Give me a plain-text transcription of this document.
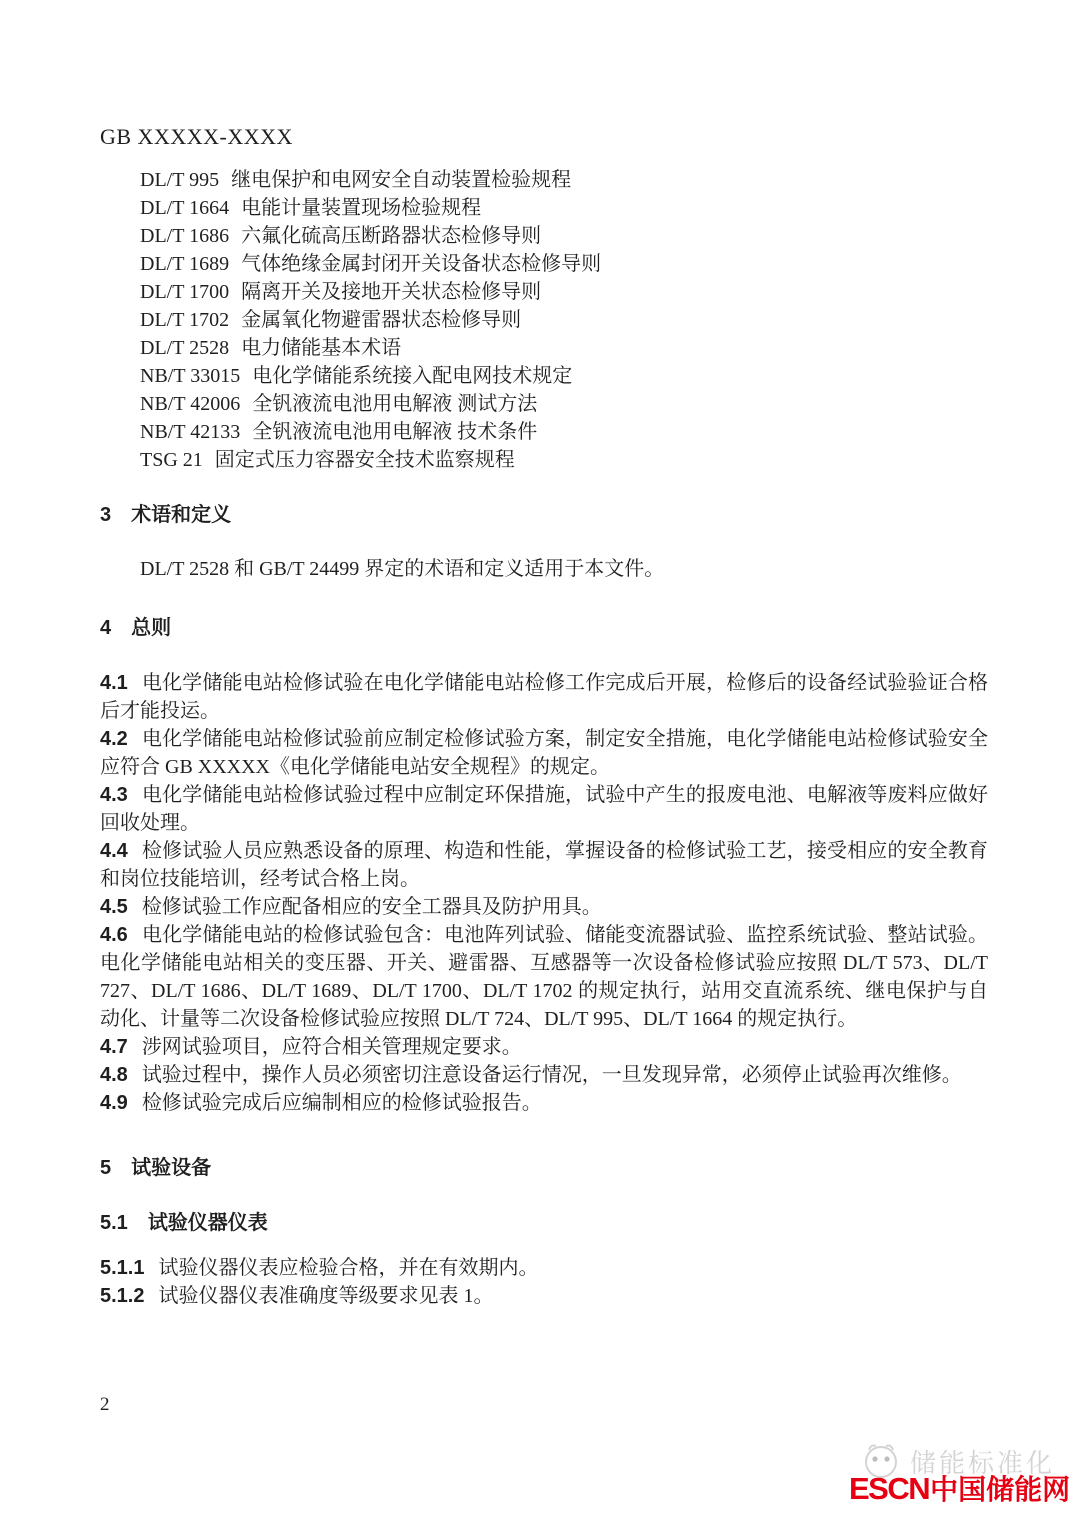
GB XXXXX-XXXX
DL/T 995 继电保护和电网安全自动装置检验规程
DL/T 1664 电能计量装置现场检验规程
DL/T 1686 六氟化硫高压断路器状态检修导则
DL/T 1689 气体绝缘金属封闭开关设备状态检修导则
DL/T 1700 隔离开关及接地开关状态检修导则
DL/T 1702 金属氧化物避雷器状态检修导则
DL/T 2528 电力储能基本术语
NB/T 33015 电化学储能系统接入配电网技术规定
NB/T 42006 全钒液流电池用电解液 测试方法
NB/T 42133 全钒液流电池用电解液 技术条件
TSG 21 固定式压力容器安全技术监察规程
3 术语和定义

DL/T 2528 和 GB/T 24499 界定的术语和定义适用于本文件。

4 总则

4.1 电化学储能电站检修试验在电化学储能电站检修工作完成后开展，检修后的设备经试验验证合格后才能投运。

4.2 电化学储能电站检修试验前应制定检修试验方案，制定安全措施，电化学储能电站检修试验安全应符合 GB XXXXX《电化学储能电站安全规程》的规定。

4.3 电化学储能电站检修试验过程中应制定环保措施，试验中产生的报废电池、电解液等废料应做好回收处理。

4.4 检修试验人员应熟悉设备的原理、构造和性能，掌握设备的检修试验工艺，接受相应的安全教育和岗位技能培训，经考试合格上岗。

4.5 检修试验工作应配备相应的安全工器具及防护用具。

4.6 电化学储能电站的检修试验包含：电池阵列试验、储能变流器试验、监控系统试验、整站试验。电化学储能电站相关的变压器、开关、避雷器、互感器等一次设备检修试验应按照 DL/T 573、DL/T 727、DL/T 1686、DL/T 1689、DL/T 1700、DL/T 1702 的规定执行，站用交直流系统、继电保护与自动化、计量等二次设备检修试验应按照 DL/T 724、DL/T 995、DL/T 1664 的规定执行。

4.7 涉网试验项目，应符合相关管理规定要求。

4.8 试验过程中，操作人员必须密切注意设备运行情况，一旦发现异常，必须停止试验再次维修。

4.9 检修试验完成后应编制相应的检修试验报告。

5 试验设备
5.1 试验仪器仪表

5.1.1 试验仪器仪表应检验合格，并在有效期内。

5.1.2 试验仪器仪表准确度等级要求见表 1。

2
储能标准化
ESCN 中国储能网
